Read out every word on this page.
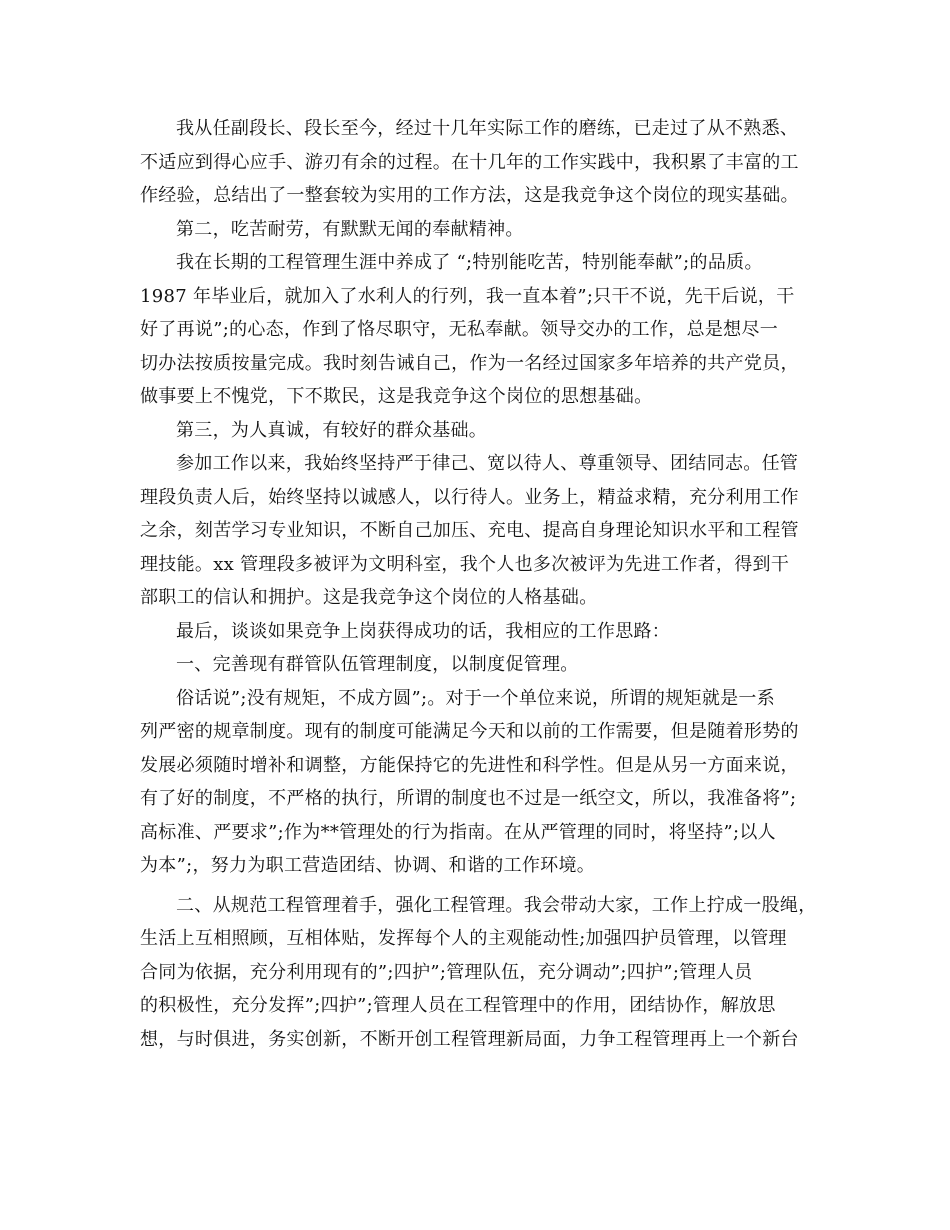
我从任副段长、段长至今，经过十几年实际工作的磨练，已走过了从不熟悉、
不适应到得心应手、游刃有余的过程。在十几年的工作实践中，我积累了丰富的工
作经验，总结出了一整套较为实用的工作方法，这是我竞争这个岗位的现实基础。
第二，吃苦耐劳，有默默无闻的奉献精神。
我在长期的工程管理生涯中养成了 “;特别能吃苦，特别能奉献”;的品质。
1987 年毕业后，就加入了水利人的行列，我一直本着”;只干不说，先干后说，干
好了再说”;的心态，作到了恪尽职守，无私奉献。领导交办的工作，总是想尽一
切办法按质按量完成。我时刻告诫自己，作为一名经过国家多年培养的共产党员，
做事要上不愧党，下不欺民，这是我竞争这个岗位的思想基础。
第三，为人真诚，有较好的群众基础。
参加工作以来，我始终坚持严于律己、宽以待人、尊重领导、团结同志。任管
理段负责人后，始终坚持以诚感人，以行待人。业务上，精益求精，充分利用工作
之余，刻苦学习专业知识，不断自己加压、充电、提高自身理论知识水平和工程管
理技能。xx 管理段多被评为文明科室，我个人也多次被评为先进工作者，得到干
部职工的信认和拥护。这是我竞争这个岗位的人格基础。
最后，谈谈如果竞争上岗获得成功的话，我相应的工作思路：
一、完善现有群管队伍管理制度，以制度促管理。
俗话说”;没有规矩，不成方圆”;。对于一个单位来说，所谓的规矩就是一系
列严密的规章制度。现有的制度可能满足今天和以前的工作需要，但是随着形势的
发展必须随时增补和调整，方能保持它的先进性和科学性。但是从另一方面来说，
有了好的制度，不严格的执行，所谓的制度也不过是一纸空文，所以，我准备将”;
高标准、严要求”;作为**管理处的行为指南。在从严管理的同时，将坚持”;以人
为本”;，努力为职工营造团结、协调、和谐的工作环境。
二、从规范工程管理着手，强化工程管理。我会带动大家，工作上拧成一股绳，
生活上互相照顾，互相体贴，发挥每个人的主观能动性;加强四护员管理，以管理
合同为依据，充分利用现有的”;四护”;管理队伍，充分调动”;四护”;管理人员
的积极性，充分发挥”;四护”;管理人员在工程管理中的作用，团结协作，解放思
想，与时俱进，务实创新，不断开创工程管理新局面，力争工程管理再上一个新台
